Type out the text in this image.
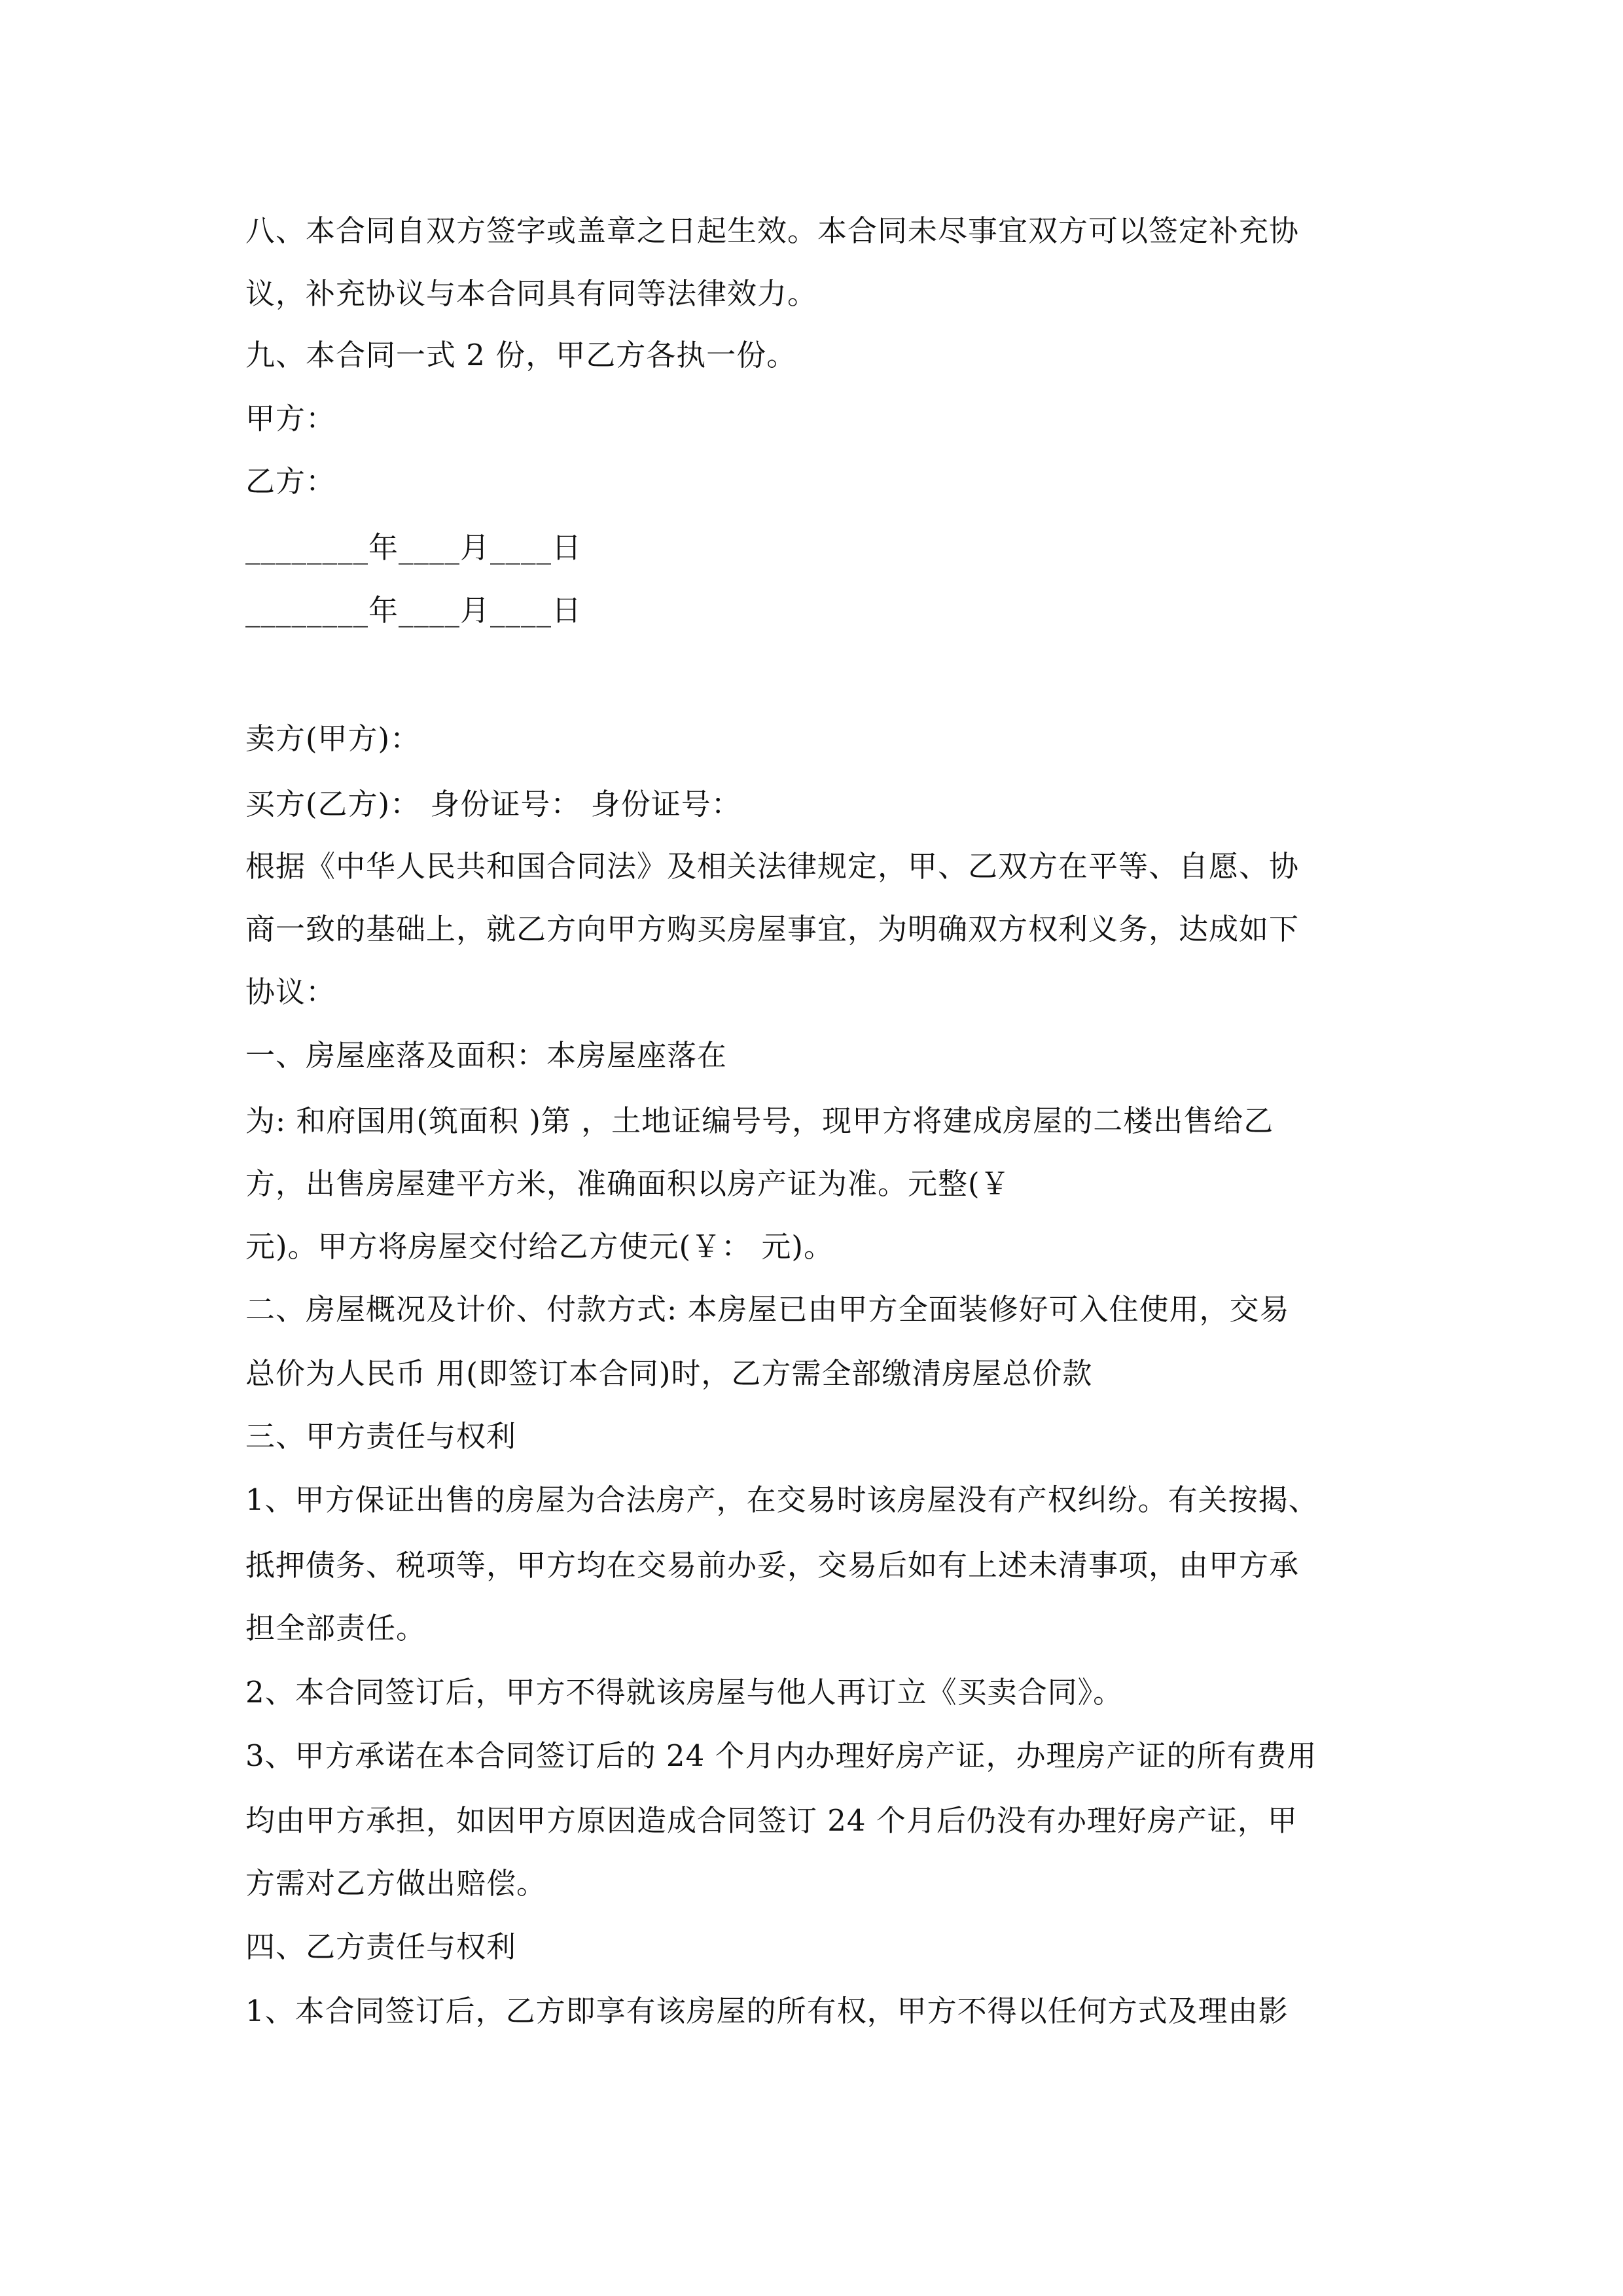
八、本合同自双方签字或盖章之日起生效。本合同未尽事宜双方可以签定补充协
议，补充协议与本合同具有同等法律效力。
九、本合同一式 2 份，甲乙方各执一份。
甲方：
乙方：
________年____月____日
________年____月____日
卖方(甲方)：
买方(乙方)： 身份证号： 身份证号：
根据《中华人民共和国合同法》及相关法律规定，甲、乙双方在平等、自愿、协
商一致的基础上，就乙方向甲方购买房屋事宜，为明确双方权利义务，达成如下
协议：
一、房屋座落及面积：本房屋座落在
为: 和府国用(筑面积 )第 ，土地证编号号，现甲方将建成房屋的二楼出售给乙
方，出售房屋建平方米，准确面积以房产证为准。元整(￥
元)。甲方将房屋交付给乙方使元(￥： 元)。
二、房屋概况及计价、付款方式: 本房屋已由甲方全面装修好可入住使用，交易
总价为人民币 用(即签订本合同)时，乙方需全部缴清房屋总价款
三、甲方责任与权利
1、甲方保证出售的房屋为合法房产，在交易时该房屋没有产权纠纷。有关按揭、
抵押债务、税项等，甲方均在交易前办妥，交易后如有上述未清事项，由甲方承
担全部责任。
2、本合同签订后，甲方不得就该房屋与他人再订立《买卖合同》。
3、甲方承诺在本合同签订后的 24 个月内办理好房产证，办理房产证的所有费用
均由甲方承担，如因甲方原因造成合同签订 24 个月后仍没有办理好房产证，甲
方需对乙方做出赔偿。
四、乙方责任与权利
1、本合同签订后，乙方即享有该房屋的所有权，甲方不得以任何方式及理由影
